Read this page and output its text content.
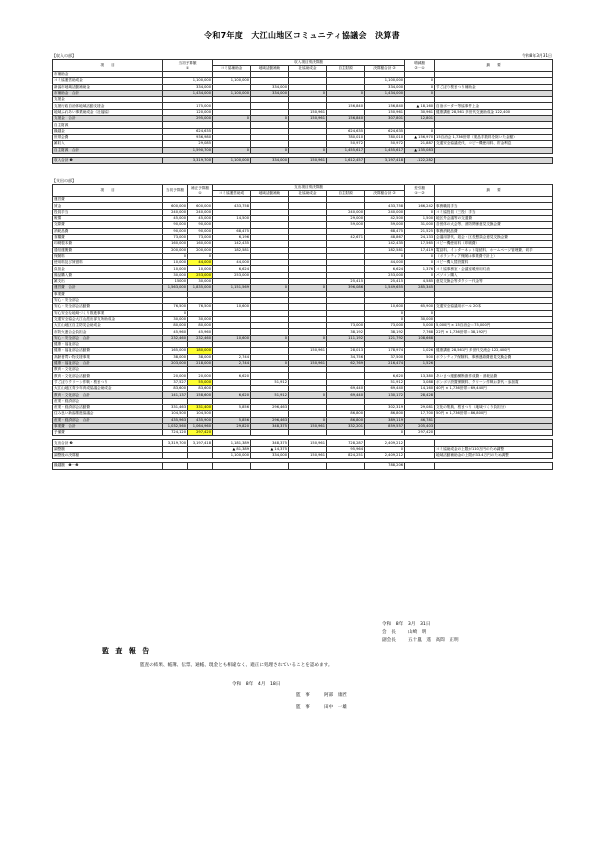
令和7年度　大江山地区コミュニティ協議会　決算書
【収入の部】	令和8年3月31日
項　　目	当初予算額
①	収入項目別決算額					増減額
②－①	摘　　要
		コミ協補助金	地域活動補助	社協助成金	自主財源	決算額合計 ②		
市補助金								
コミ協運営助成金	1,100,000	1,100,000				1,100,000	0	
新潟市地域活動補助金	334,000		334,000			334,000	0	すごぼり桜まつり補助金
市補助金　合計	1,434,000	1,100,000	334,000	0	0	1,434,000	0	
支援金								
支援行政自治体地域活動支援金	175,000				156,840	156,840	▲ 18,160	自治ポーター等協事件上金
地域ふれあい事業助成金（社福協）	120,000			150,961		150,961	30,961	健康講座 28,561 多世代交流助成金 122,400
支援金　合計	295,000	0	0	150,961	156,840	307,801	12,801	
自主財源								
繰越金	624,635				624,635	624,635	0	
世帯会費	936,980				780,010	780,010	▲ 156,970	15自治会 1,736世帯（業品手数料を除いた金額）
雑収入	29,085				50,972	50,972	21,887	交通安全協議売代、コピー機使用料、貯金利息
自主財源　合計	1,590,700	0	0	0	1,455,617	1,455,617	▲ 135,083	

収入合計 ❶	3,319,700	1,100,000	334,000	150,961	1,612,457	3,197,418	-122,282	
【支出の部】
項　　目	当初予算額	補正予算額
①	支出項目別決算額					差引額
①－②	摘　　要
			コミ協運営助成	地域活動補助	社協助成金	自主財源	決算額合計 ②		
運営費									
賃金	600,000	600,000	433,758				433,758	166,242	事務職員手当
役員手当	240,000	240,000				240,000	240,000	0	コミ協役員（三役）手当
報償	45,000	45,000	14,500			29,000	42,500	1,500	地区外会議等の交通費
交際費	90,000	90,000				59,000	59,000	31,000	各団体の大会等、消防関係意見交換会費
消耗品費	90,000	90,000	68,475				68,475	21,525	事務消耗品費
食糧費	73,000	73,000	6,196			42,671	48,867	24,133	会議用茶代、総会・区長懇談会意見交換会費
印刷製本費	160,000	160,000	142,435				142,435	17,565	コピー機使用料（印刷費）
通信運搬費	200,000	200,000	182,581				182,581	17,419	電話料、インターネット接続料、ホームページ管理費、切手
保険料	0	0					0	0	（ボランティア保険は事業費で計上）
使用料及び賃借料	10,000	44,000	44,000				44,000	0	コピー機入替設置料
負担金	10,000	10,000	6,624				6,624	1,376	コミ協事務室・会議室暖房用灯油
備品購入費	30,000	253,000	253,000				253,000	0	パソコン購入
雑支出	15000	30,000				25,415	25,415	4,585	意見交換会等タクシー代金等
運営費　合計	1,563,000	1,835,000	1,151,569	0	0	396,086	1,549,655	285,345	
事業費									
安心・安全部会									
安心・安全部会活動費	76,500	76,500	10,600				10,600	65,900	交通安全協議用ポール 20本
安心安全な地域づくり推進事業	0						0	0	
交通安全協会大江山派出部支所助成金	30,000	30,000					0	30,000	
大江山地区自主防災会助成金	80,000	80,000				73,000	73,000	5,000	5,000円 × 15自治会＝75,000円
市防火連合会負担金	45,960	45,960				38,192	38,192	7,768	22円 × 1,736世帯＝38,192円
安心・安全部会　合計	232,460	232,460	10,600	0	0	111,192	121,792	108,668	
健康・福祉部会									
健康・福祉部会活動費	165,000	180,000			150,961	28,013	178,974	1,026	健康講座 28,561円 多世代交流会 122,400円
高齢者買い物支援事業	38,000	38,000	2,744			34,756	37,500	500	ボランティア保険料、事務連絡費意見交換会費
健康・福祉部会　合計	203,000	218,000	2,744	0	150,961	62,769	216,474	1,526	
教育・文化部会									
教育・文化部会活動費	20,000	20,000	6,620				6,620	13,380	あいさつ運動横断旗作成費・消耗品費
すごぼりクリーン作戦・桜まつり	37,527	55,000		51,912			51,912	3,088	ボンボリ設置保険料、クリーン作戦お茶代・参加賞
大江山地区青少年育成協議会助成金	83,600	83,600				69,440	69,440	14,160	40円 × 1,736世帯＝69,440円
教育・文化部会　合計	141,137	158,600	6,620	51,912	0	69,440	130,172	28,428	
産業・経済部会									
産業・経済部会活動費	331,463	331,400	5,856	296,463			302,319	29,081	文化の集典、桜まつり（地域づくり負担分）
住み良い新潟推進協議会	104,500	104,500				86,800	86,800	17,700	50円 × 1,736世帯＝86,800円
産業・経済部会　合計	435,963	435,900	5,856	296,463	0	86,800	389,119	46,781	
事業費　合計	1,032,560	1,064,960	29,820	348,375	150,961	332,201	859,557	205,403	
予備費	724,120	297,420					0	297,420	

支出合計 ❷	3,319,700	3,197,418	1,181,389	348,375	150,961	728,287	2,409,212		
調整額			▲ 81,389	▲ 14,375		95,964	0		コミ協助成金の上限が110万円のため調整
調整後の決算額			1,100,000	334,000	150,961	824,251	2,409,212		地域活動補助金の上限が33.4万円のため調整

繰越額　❶－❷							788,206		
令和　8年　3月　31日
会　長	山崎　明
副会長	五十嵐　遥　高間　正明
監 査 報 告
監査の結果、帳簿、伝票、通帳、現金とも相違なく、適正に処理されていることを認めます。
令和　8年　4月　18日
監　事	阿部　康匠
監　事	田中　一雄
